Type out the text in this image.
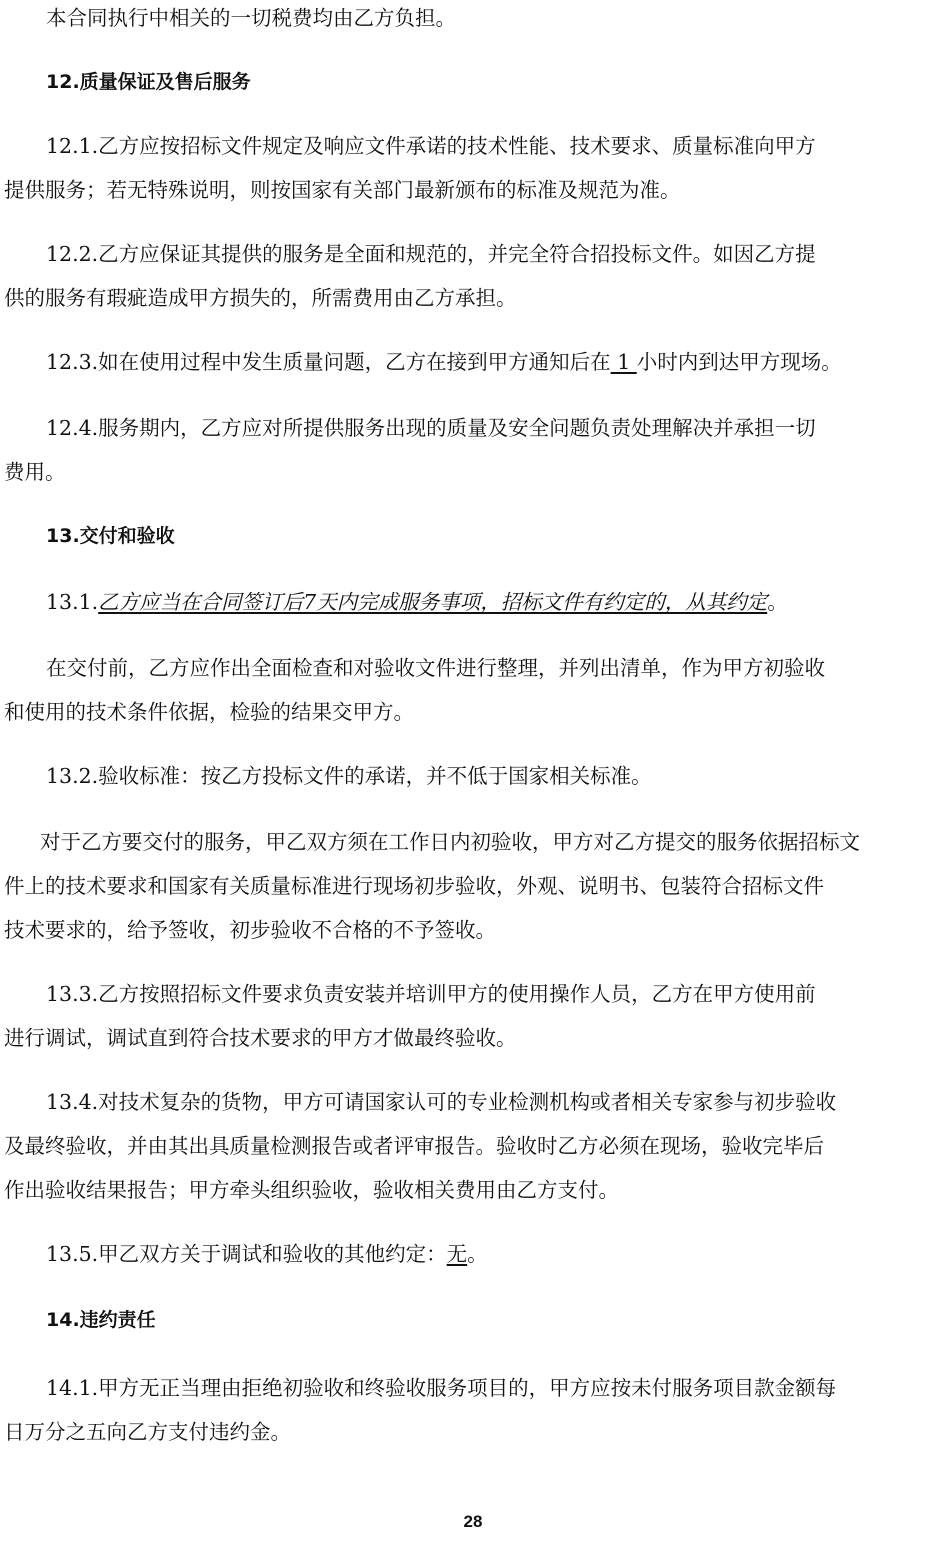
本合同执行中相关的一切税费均由乙方负担。
12.质量保证及售后服务
12.1.乙方应按招标文件规定及响应文件承诺的技术性能、技术要求、质量标准向甲方
提供服务；若无特殊说明，则按国家有关部门最新颁布的标准及规范为准。
12.2.乙方应保证其提供的服务是全面和规范的，并完全符合招投标文件。如因乙方提
供的服务有瑕疵造成甲方损失的，所需费用由乙方承担。
12.3.如在使用过程中发生质量问题，乙方在接到甲方通知后在 1 小时内到达甲方现场。
12.4.服务期内，乙方应对所提供服务出现的质量及安全问题负责处理解决并承担一切
费用。
13.交付和验收
13.1.乙方应当在合同签订后7天内完成服务事项，招标文件有约定的，从其约定。
在交付前，乙方应作出全面检查和对验收文件进行整理，并列出清单，作为甲方初验收
和使用的技术条件依据，检验的结果交甲方。
13.2.验收标准：按乙方投标文件的承诺，并不低于国家相关标准。
对于乙方要交付的服务，甲乙双方须在工作日内初验收，甲方对乙方提交的服务依据招标文
件上的技术要求和国家有关质量标准进行现场初步验收，外观、说明书、包装符合招标文件
技术要求的，给予签收，初步验收不合格的不予签收。
13.3.乙方按照招标文件要求负责安装并培训甲方的使用操作人员，乙方在甲方使用前
进行调试，调试直到符合技术要求的甲方才做最终验收。
13.4.对技术复杂的货物，甲方可请国家认可的专业检测机构或者相关专家参与初步验收
及最终验收，并由其出具质量检测报告或者评审报告。验收时乙方必须在现场，验收完毕后
作出验收结果报告；甲方牵头组织验收，验收相关费用由乙方支付。
13.5.甲乙双方关于调试和验收的其他约定：无。
14.违约责任
14.1.甲方无正当理由拒绝初验收和终验收服务项目的，甲方应按未付服务项目款金额每
日万分之五向乙方支付违约金。
28
